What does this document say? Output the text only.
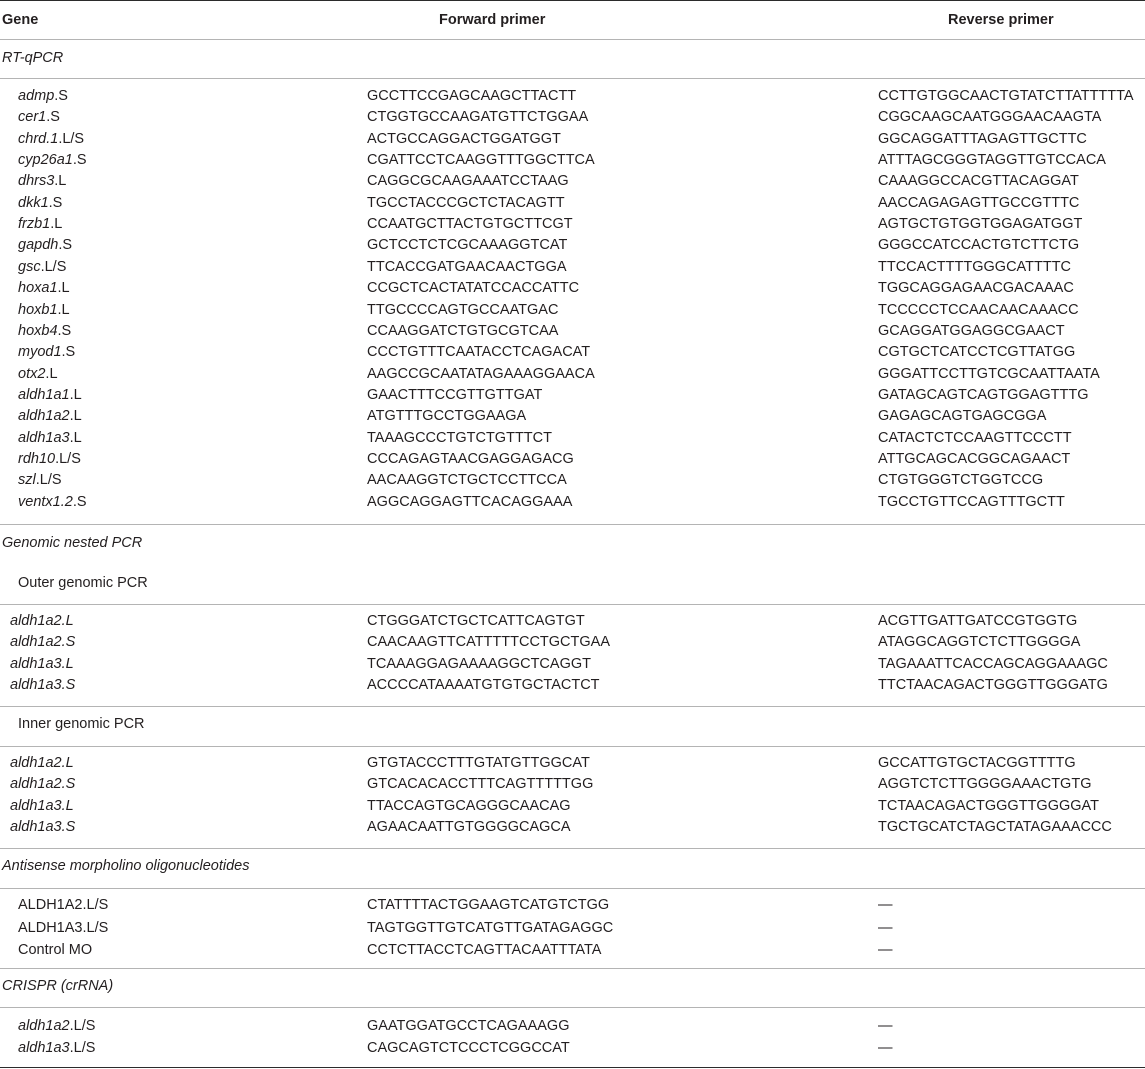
Gene	Forward primer	Reverse primer
RT-qPCR
admp.S	GCCTTCCGAGCAAGCTTACTT	CCTTGTGGCAACTGTATCTTATTTTTA
cer1.S	CTGGTGCCAAGATGTTCTGGAA	CGGCAAGCAATGGGAACAAGTA
chrd.1.L/S	ACTGCCAGGACTGGATGGT	GGCAGGATTTAGAGTTGCTTC
cyp26a1.S	CGATTCCTCAAGGTTTGGCTTCA	ATTTAGCGGGTAGGTTGTCCACA
dhrs3.L	CAGGCGCAAGAAATCCTAAG	CAAAGGCCACGTTACAGGAT
dkk1.S	TGCCTACCCGCTCTACAGTT	AACCAGAGAGTTGCCGTTTC
frzb1.L	CCAATGCTTACTGTGCTTCGT	AGTGCTGTGGTGGAGATGGT
gapdh.S	GCTCCTCTCGCAAAGGTCAT	GGGCCATCCACTGTCTTCTG
gsc.L/S	TTCACCGATGAACAACTGGA	TTCCACTTTTGGGCATTTTC
hoxa1.L	CCGCTCACTATATCCACCATTC	TGGCAGGAGAACGACAAAC
hoxb1.L	TTGCCCCAGTGCCAATGAC	TCCCCCTCCAACAACAAACC
hoxb4.S	CCAAGGATCTGTGCGTCAA	GCAGGATGGAGGCGAACT
myod1.S	CCCTGTTTCAATACCTCAGACAT	CGTGCTCATCCTCGTTATGG
otx2.L	AAGCCGCAATATAGAAAGGAACA	GGGATTCCTTGTCGCAATTAATA
aldh1a1.L	GAACTTTCCGTTGTTGAT	GATAGCAGTCAGTGGAGTTTG
aldh1a2.L	ATGTTTGCCTGGAAGA	GAGAGCAGTGAGCGGA
aldh1a3.L	TAAAGCCCTGTCTGTTTCT	CATACTCTCCAAGTTCCCTT
rdh10.L/S	CCCAGAGTAACGAGGAGACG	ATTGCAGCACGGCAGAACT
szl.L/S	AACAAGGTCTGCTCCTTCCA	CTGTGGGTCTGGTCCG
ventx1.2.S	AGGCAGGAGTTCACAGGAAA	TGCCTGTTCCAGTTTGCTT
Genomic nested PCR
Outer genomic PCR
aldh1a2.L	CTGGGATCTGCTCATTCAGTGT	ACGTTGATTGATCCGTGGTG
aldh1a2.S	CAACAAGTTCATTTTTCCTGCTGAA	ATAGGCAGGTCTCTTGGGGA
aldh1a3.L	TCAAAGGAGAAAAGGCTCAGGT	TAGAAATTCACCAGCAGGAAAGC
aldh1a3.S	ACCCCATAAAATGTGTGCTACTCT	TTCTAACAGACTGGGTTGGGATG
Inner genomic PCR
aldh1a2.L	GTGTACCCTTTGTATGTTGGCAT	GCCATTGTGCTACGGTTTTG
aldh1a2.S	GTCACACACCTTTCAGTTTTTGG	AGGTCTCTTGGGGAAACTGTG
aldh1a3.L	TTACCAGTGCAGGGCAACAG	TCTAACAGACTGGGTTGGGGAT
aldh1a3.S	AGAACAATTGTGGGGCAGCA	TGCTGCATCTAGCTATAGAAACCC
Antisense morpholino oligonucleotides
ALDH1A2.L/S	CTATTTTACTGGAAGTCATGTCTGG	—
ALDH1A3.L/S	TAGTGGTTGTCATGTTGATAGAGGC	—
Control MO	CCTCTTACCTCAGTTACAATTTATA	—
CRISPR (crRNA)
aldh1a2.L/S	GAATGGATGCCTCAGAAAGG	—
aldh1a3.L/S	CAGCAGTCTCCCTCGGCCAT	—
